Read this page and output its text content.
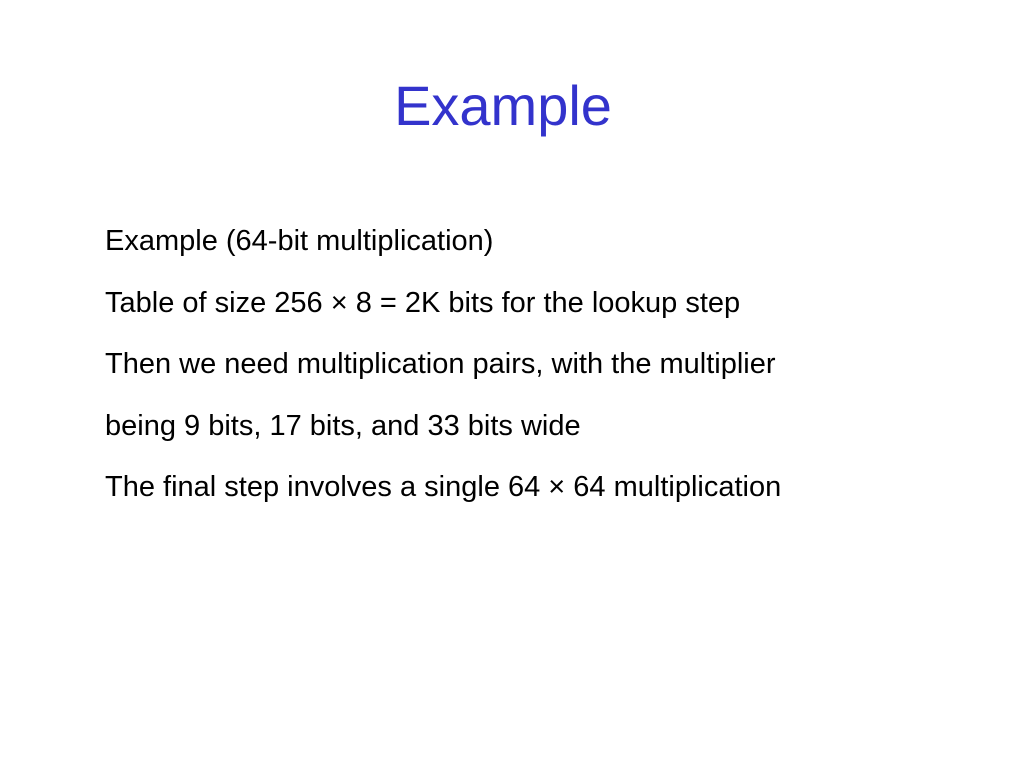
Example
Example (64-bit multiplication)
Table of size 256 × 8 = 2K bits for the lookup step
Then we need multiplication pairs, with the multiplier
being 9 bits, 17 bits, and 33 bits wide
The final step involves a single 64 × 64 multiplication
